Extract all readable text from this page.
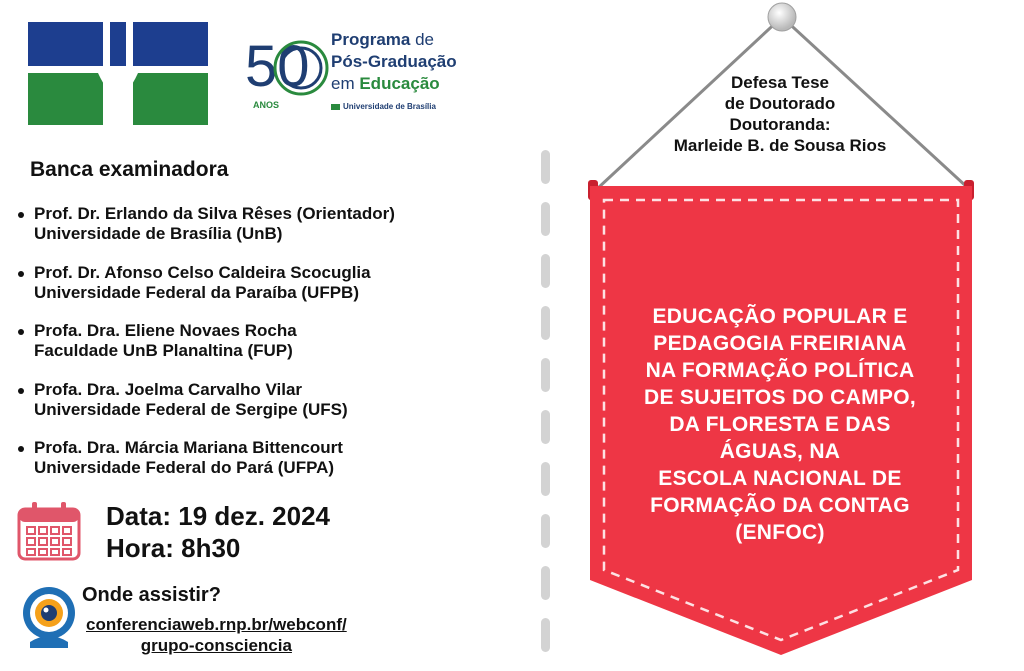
50
ANOS
Programa de
Pós-Graduação
em Educação
Universidade de Brasília
Banca examinadora
Prof. Dr. Erlando da Silva Rêses (Orientador)
Universidade de Brasília (UnB)
Prof. Dr. Afonso Celso Caldeira Scocuglia
Universidade Federal da Paraíba (UFPB)
Profa. Dra. Eliene Novaes Rocha
Faculdade UnB Planaltina (FUP)
Profa. Dra. Joelma Carvalho Vilar
Universidade Federal de Sergipe (UFS)
Profa. Dra. Márcia Mariana Bittencourt
Universidade Federal do Pará (UFPA)
Data: 19 dez. 2024
Hora: 8h30
Onde assistir?
conferenciaweb.rnp.br/webconf/
grupo-consciencia
Defesa Tese
de Doutorado
Doutoranda:
Marleide B. de Sousa Rios
EDUCAÇÃO POPULAR E
PEDAGOGIA FREIRIANA
NA FORMAÇÃO POLÍTICA
DE SUJEITOS DO CAMPO,
DA FLORESTA E DAS
ÁGUAS, NA
ESCOLA NACIONAL DE
FORMAÇÃO DA CONTAG
(ENFOC)
